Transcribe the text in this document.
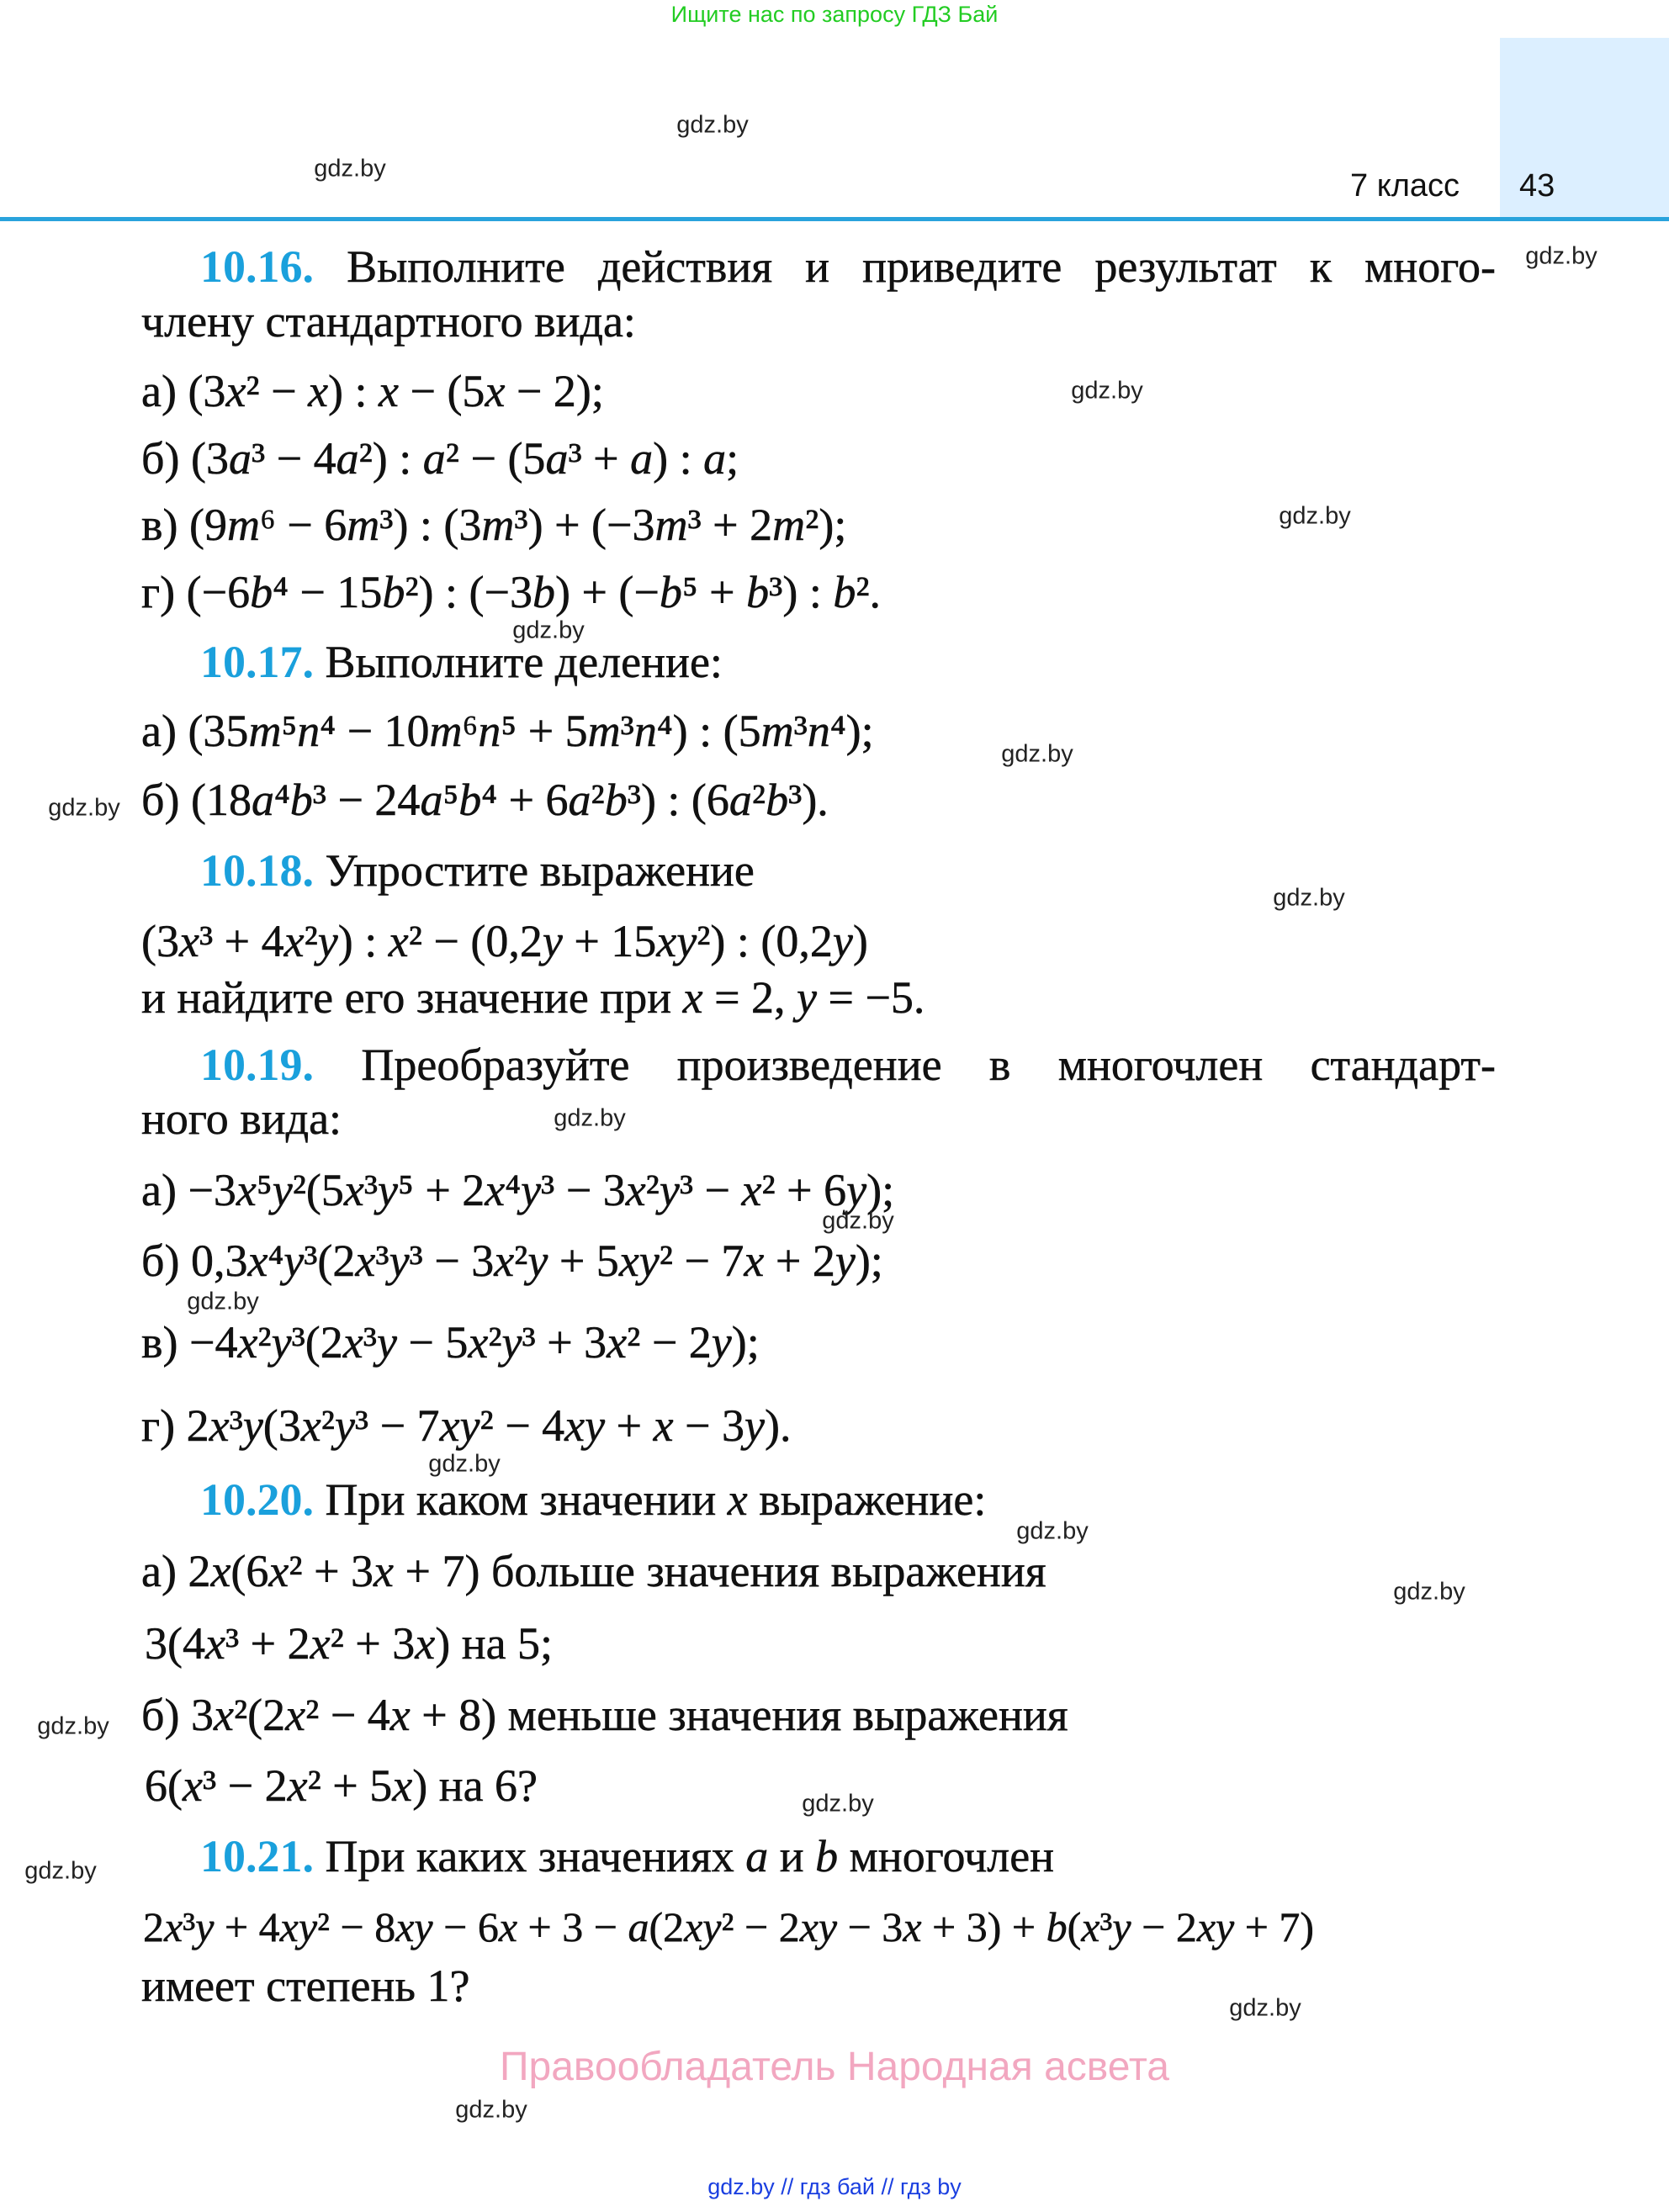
Ищите нас по запросу ГДЗ Бай
7 класс 43
10.16. Выполните действия и приведите результат к много-
члену стандартного вида:
а) (3x² − x) : x − (5x − 2);
б) (3a³ − 4a²) : a² − (5a³ + a) : a;
в) (9m⁶ − 6m³) : (3m³) + (−3m³ + 2m²);
г) (−6b⁴ − 15b²) : (−3b) + (−b⁵ + b³) : b².
10.17. Выполните деление:
а) (35m⁵n⁴ − 10m⁶n⁵ + 5m³n⁴) : (5m³n⁴);
б) (18a⁴b³ − 24a⁵b⁴ + 6a²b³) : (6a²b³).
10.18. Упростите выражение
(3x³ + 4x²y) : x² − (0,2y + 15xy²) : (0,2y)
и найдите его значение при x = 2, y = −5.
10.19. Преобразуйте произведение в многочлен стандарт-
ного вида:
а) −3x⁵y²(5x³y⁵ + 2x⁴y³ − 3x²y³ − x² + 6y);
б) 0,3x⁴y³(2x³y³ − 3x²y + 5xy² − 7x + 2y);
в) −4x²y³(2x³y − 5x²y³ + 3x² − 2y);
г) 2x³y(3x²y³ − 7xy² − 4xy + x − 3y).
10.20. При каком значении x выражение:
а) 2x(6x² + 3x + 7) больше значения выражения
3(4x³ + 2x² + 3x) на 5;
б) 3x²(2x² − 4x + 8) меньше значения выражения
6(x³ − 2x² + 5x) на 6?
10.21. При каких значениях a и b многочлен
2x³y + 4xy² − 8xy − 6x + 3 − a(2xy² − 2xy − 3x + 3) + b(x³y − 2xy + 7)
имеет степень 1?
gdz.by
gdz.by
gdz.by
gdz.by
gdz.by
gdz.by
gdz.by
gdz.by
gdz.by
gdz.by
gdz.by
gdz.by
gdz.by
gdz.by
gdz.by
gdz.by
gdz.by
gdz.by
gdz.by
gdz.by
Правообладатель Народная асвета
gdz.by // гдз бай // гдз by
